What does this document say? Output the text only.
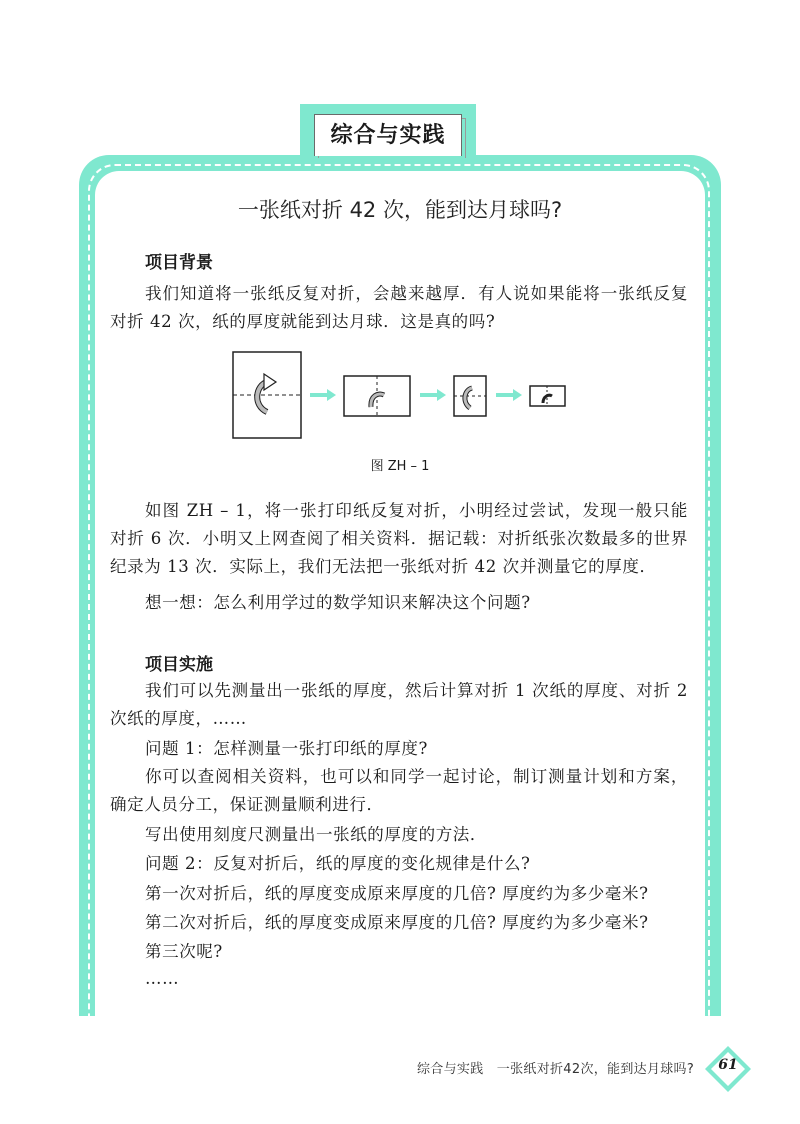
综合与实践
一张纸对折 42 次，能到达月球吗?
项目背景
我们知道将一张纸反复对折，会越来越厚．有人说如果能将一张纸反复对折 42 次，纸的厚度就能到达月球．这是真的吗?
图 ZH – 1
如图 ZH – 1，将一张打印纸反复对折，小明经过尝试，发现一般只能对折 6 次．小明又上网查阅了相关资料．据记载：对折纸张次数最多的世界纪录为 13 次．实际上，我们无法把一张纸对折 42 次并测量它的厚度．
想一想：怎么利用学过的数学知识来解决这个问题?
项目实施
我们可以先测量出一张纸的厚度，然后计算对折 1 次纸的厚度、对折 2 次纸的厚度，……
问题 1：怎样测量一张打印纸的厚度?
你可以查阅相关资料，也可以和同学一起讨论，制订测量计划和方案，确定人员分工，保证测量顺利进行．
写出使用刻度尺测量出一张纸的厚度的方法．
问题 2：反复对折后，纸的厚度的变化规律是什么?
第一次对折后，纸的厚度变成原来厚度的几倍? 厚度约为多少毫米?
第二次对折后，纸的厚度变成原来厚度的几倍? 厚度约为多少毫米?
第三次呢?
……
综合与实践　一张纸对折42次，能到达月球吗?	61
